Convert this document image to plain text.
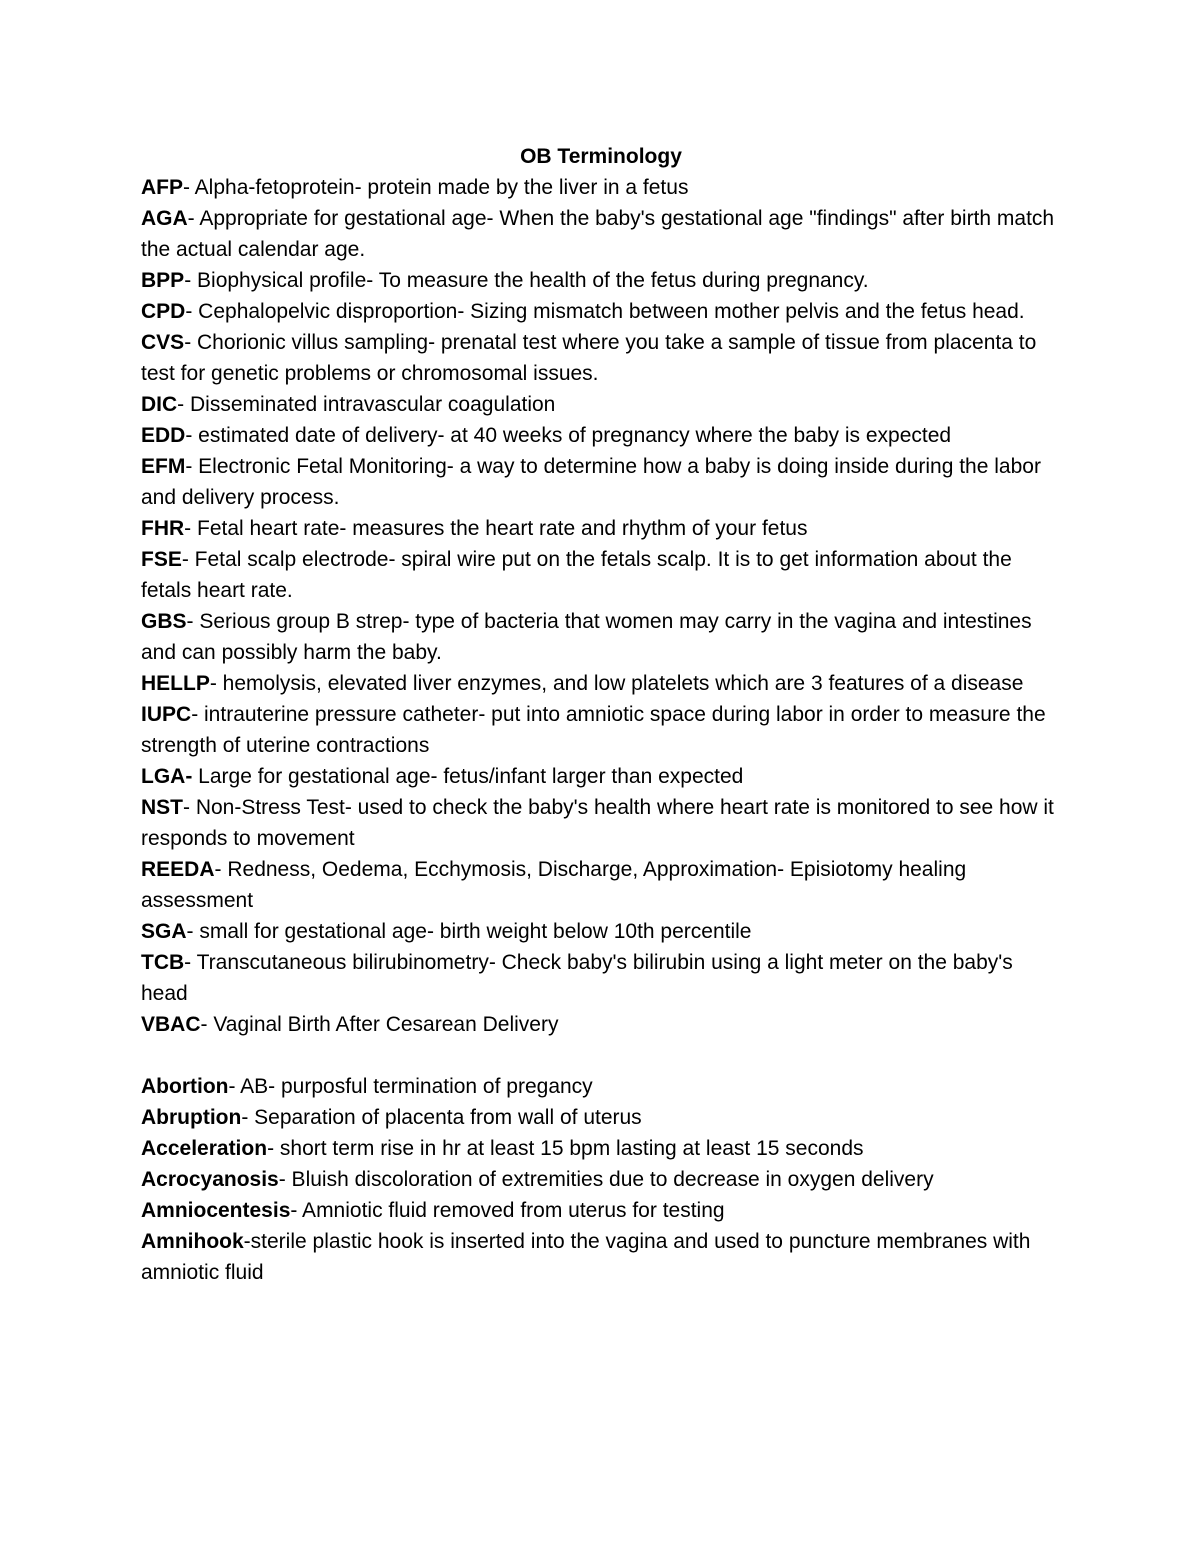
OB Terminology

AFP- Alpha-fetoprotein- protein made by the liver in a fetus

AGA- Appropriate for gestational age- When the baby's gestational age "findings" after birth match the actual calendar age.

BPP- Biophysical profile- To measure the health of the fetus during pregnancy.

CPD- Cephalopelvic disproportion- Sizing mismatch between mother pelvis and the fetus head.

CVS- Chorionic villus sampling- prenatal test where you take a sample of tissue from placenta to test for genetic problems or chromosomal issues.

DIC- Disseminated intravascular coagulation

EDD- estimated date of delivery- at 40 weeks of pregnancy where the baby is expected

EFM- Electronic Fetal Monitoring- a way to determine how a baby is doing inside during the labor and delivery process.

FHR- Fetal heart rate- measures the heart rate and rhythm of your fetus

FSE- Fetal scalp electrode- spiral wire put on the fetals scalp. It is to get information about the fetals heart rate.

GBS- Serious group B strep- type of bacteria that women may carry in the vagina and intestines and can possibly harm the baby.

HELLP- hemolysis, elevated liver enzymes, and low platelets which are 3 features of a disease

IUPC- intrauterine pressure catheter- put into amniotic space during labor in order to measure the strength of uterine contractions

LGA- Large for gestational age- fetus/infant larger than expected

NST- Non-Stress Test- used to check the baby's health where heart rate is monitored to see how it responds to movement

REEDA- Redness, Oedema, Ecchymosis, Discharge, Approximation- Episiotomy healing assessment

SGA- small for gestational age- birth weight below 10th percentile

TCB- Transcutaneous bilirubinometry- Check baby's bilirubin using a light meter on the baby's head

VBAC- Vaginal Birth After Cesarean Delivery

Abortion- AB- purposful termination of pregancy

Abruption- Separation of placenta from wall of uterus

Acceleration- short term rise in hr at least 15 bpm lasting at least 15 seconds

Acrocyanosis- Bluish discoloration of extremities due to decrease in oxygen delivery

Amniocentesis- Amniotic fluid removed from uterus for testing

Amnihook-sterile plastic hook is inserted into the vagina and used to puncture membranes with amniotic fluid
